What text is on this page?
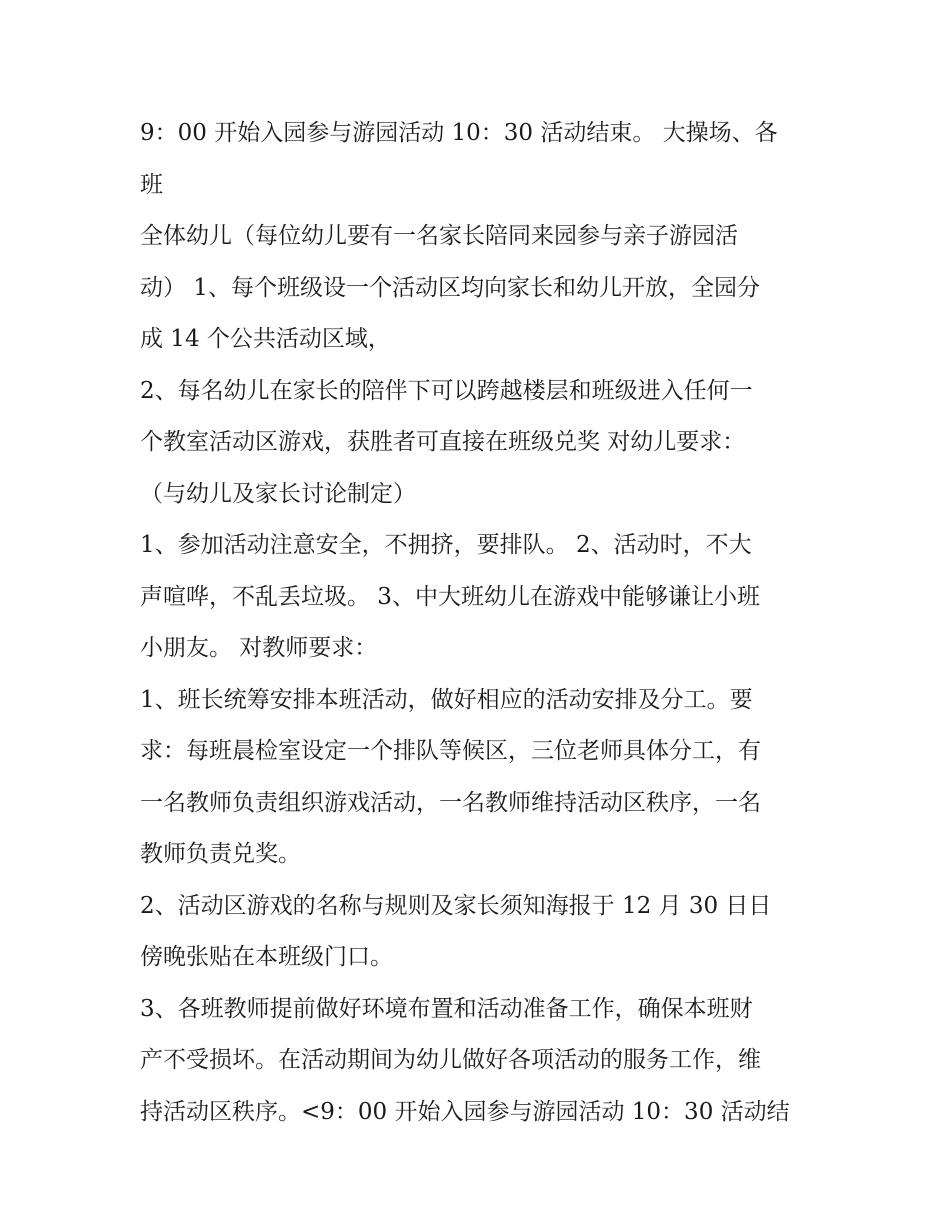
9：00 开始入园参与游园活动 10：30 活动结束。 大操场、各
班
全体幼儿（每位幼儿要有一名家长陪同来园参与亲子游园活
动） 1、每个班级设一个活动区均向家长和幼儿开放，全园分
成 14 个公共活动区域，
2、每名幼儿在家长的陪伴下可以跨越楼层和班级进入任何一
个教室活动区游戏，获胜者可直接在班级兑奖 对幼儿要求：
（与幼儿及家长讨论制定）
1、参加活动注意安全，不拥挤，要排队。 2、活动时，不大
声喧哗，不乱丢垃圾。 3、中大班幼儿在游戏中能够谦让小班
小朋友。 对教师要求：
1、班长统筹安排本班活动，做好相应的活动安排及分工。要
求：每班晨检室设定一个排队等候区，三位老师具体分工，有
一名教师负责组织游戏活动，一名教师维持活动区秩序，一名
教师负责兑奖。
2、活动区游戏的名称与规则及家长须知海报于 12 月 30 日日
傍晚张贴在本班级门口。
3、各班教师提前做好环境布置和活动准备工作，确保本班财
产不受损坏。在活动期间为幼儿做好各项活动的服务工作，维
持活动区秩序。<9：00 开始入园参与游园活动 10：30 活动结
